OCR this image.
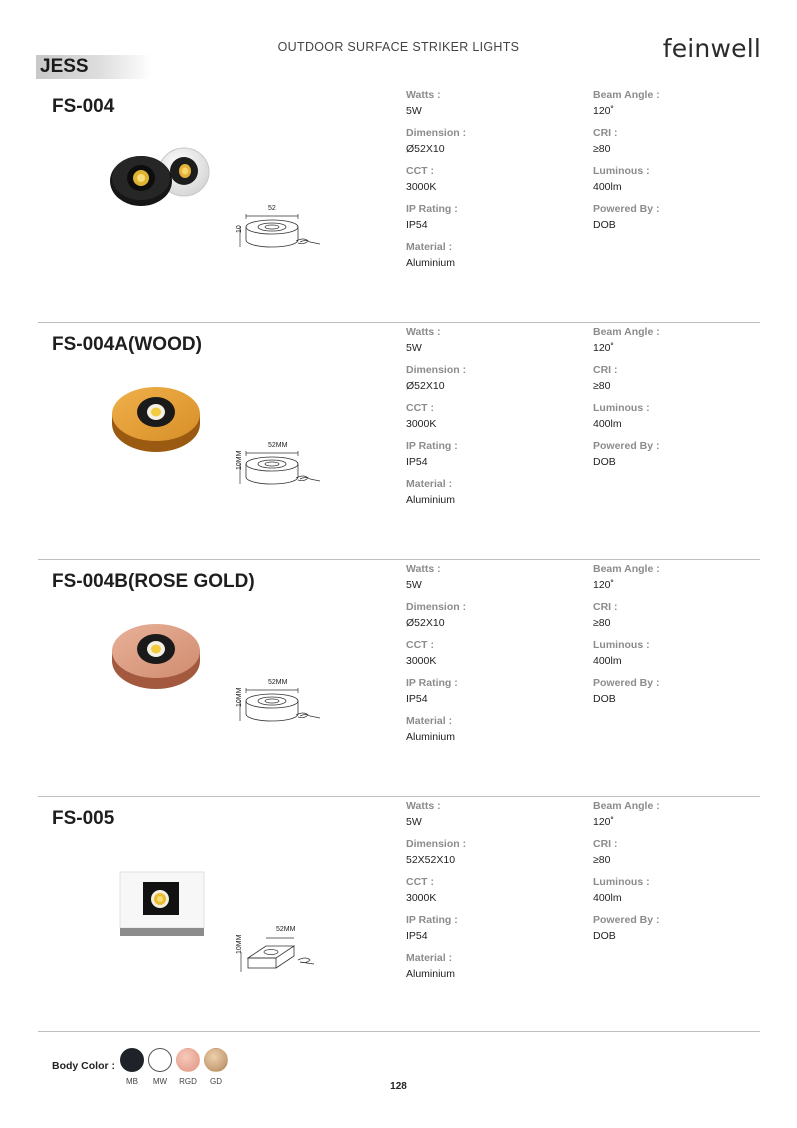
OUTDOOR SURFACE STRIKER LIGHTS	feinwell
JESS
FS-004
52
10
Watts :
5W
Beam Angle :
120˚
Dimension :
Ø52X10
CRI :
≥80
CCT :
3000K
Luminous :
400lm
IP Rating :
IP54
Powered By :
DOB
Material :
Aluminium
FS-004A(WOOD)
52MM
10MM
Watts :
5W
Beam Angle :
120˚
Dimension :
Ø52X10
CRI :
≥80
CCT :
3000K
Luminous :
400lm
IP Rating :
IP54
Powered By :
DOB
Material :
Aluminium
FS-004B(ROSE GOLD)
52MM
10MM
Watts :
5W
Beam Angle :
120˚
Dimension :
Ø52X10
CRI :
≥80
CCT :
3000K
Luminous :
400lm
IP Rating :
IP54
Powered By :
DOB
Material :
Aluminium
FS-005
52MM
10MM
Watts :
5W
Beam Angle :
120˚
Dimension :
52X52X10
CRI :
≥80
CCT :
3000K
Luminous :
400lm
IP Rating :
IP54
Powered By :
DOB
Material :
Aluminium
Body Color :
MB	MW	RGD	GD	128
